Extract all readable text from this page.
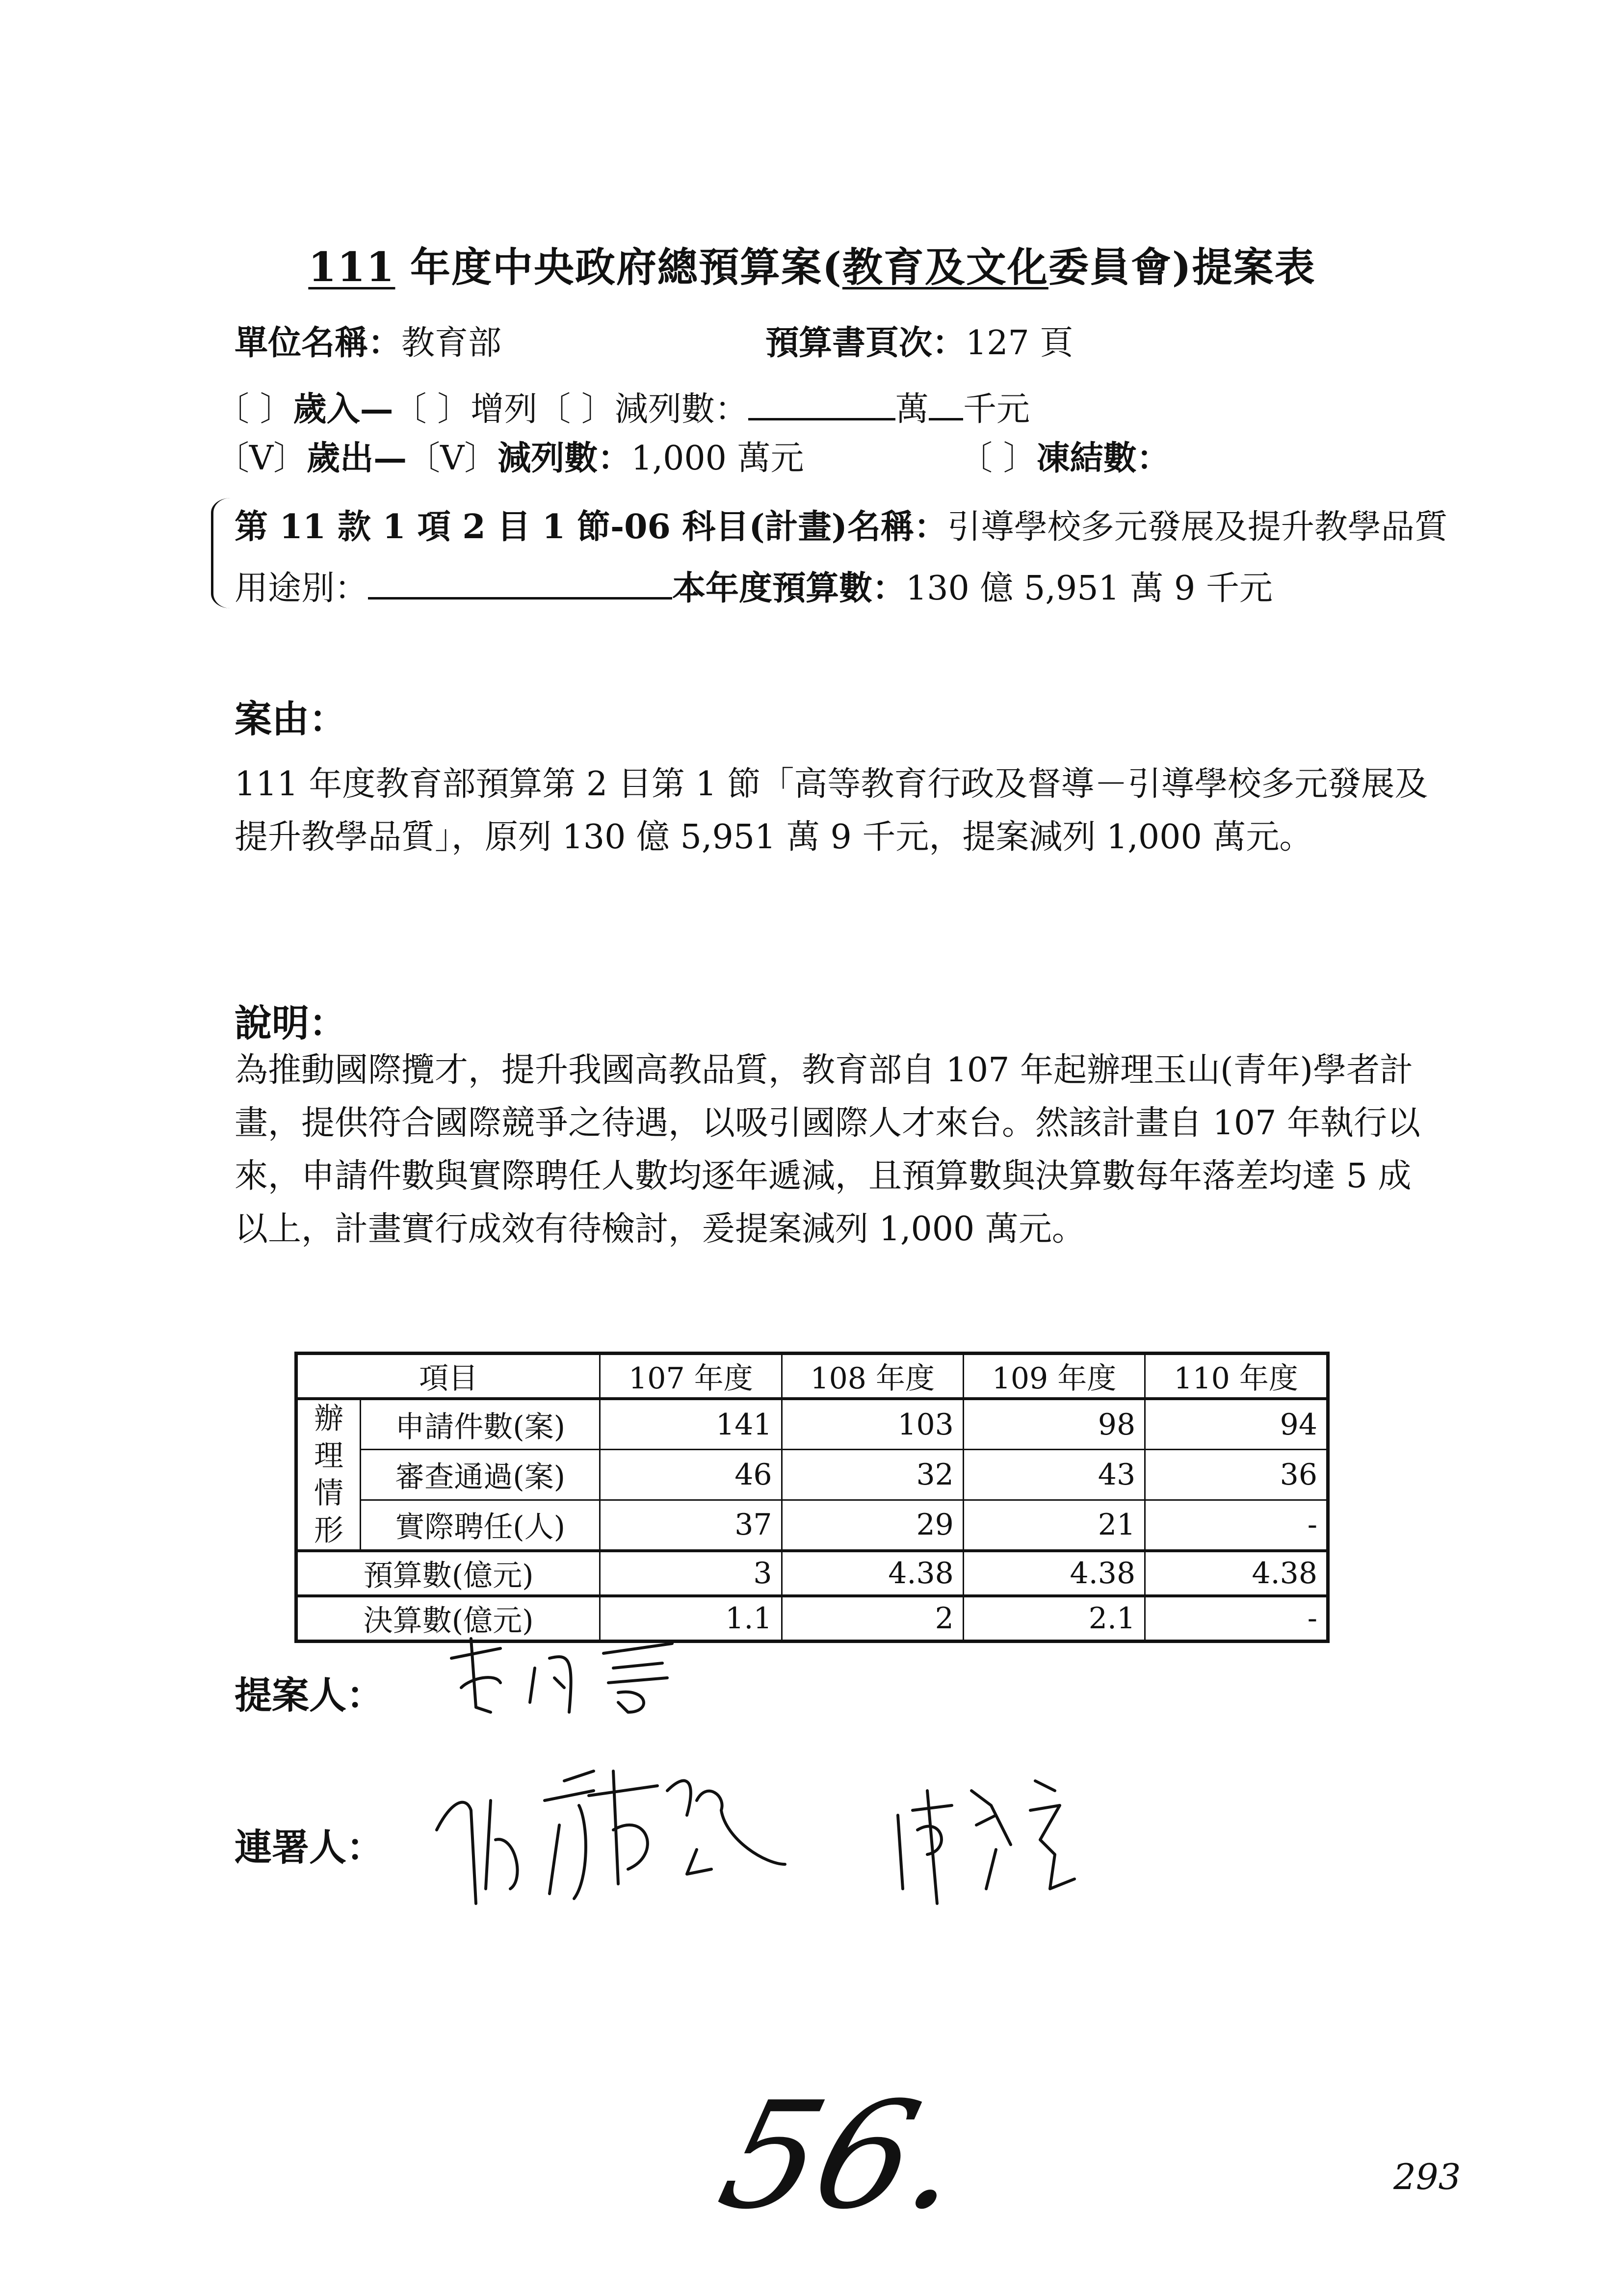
111 年度中央政府總預算案(教育及文化委員會)提案表
單位名稱：教育部	預算書頁次：127 頁
〔 〕歲入—〔 〕增列〔 〕減列數：	萬 千元
〔V〕歲出—〔V〕減列數：1,000 萬元	〔 〕凍結數：
第 11 款 1 項 2 目 1 節-06 科目(計畫)名稱：引導學校多元發展及提升教學品質
用途別：	本年度預算數：130 億 5,951 萬 9 千元
案由：
111 年度教育部預算第 2 目第 1 節「高等教育行政及督導－引導學校多元發展及提升教學品質」，原列 130 億 5,951 萬 9 千元，提案減列 1,000 萬元。
說明：
為推動國際攬才，提升我國高教品質，教育部自 107 年起辦理玉山(青年)學者計畫，提供符合國際競爭之待遇，以吸引國際人才來台。然該計畫自 107 年執行以來，申請件數與實際聘任人數均逐年遞減，且預算數與決算數每年落差均達 5 成以上，計畫實行成效有待檢討，爰提案減列 1,000 萬元。
項目		107 年度	108 年度	109 年度	110 年度
辦理情形	申請件數(案)	141	103	98	94
	審查通過(案)	46	32	43	36
	實際聘任(人)	37	29	21	-
預算數(億元)		3	4.38	4.38	4.38
決算數(億元)		1.1	2	2.1	-
提案人：
連署人：
56.	293
